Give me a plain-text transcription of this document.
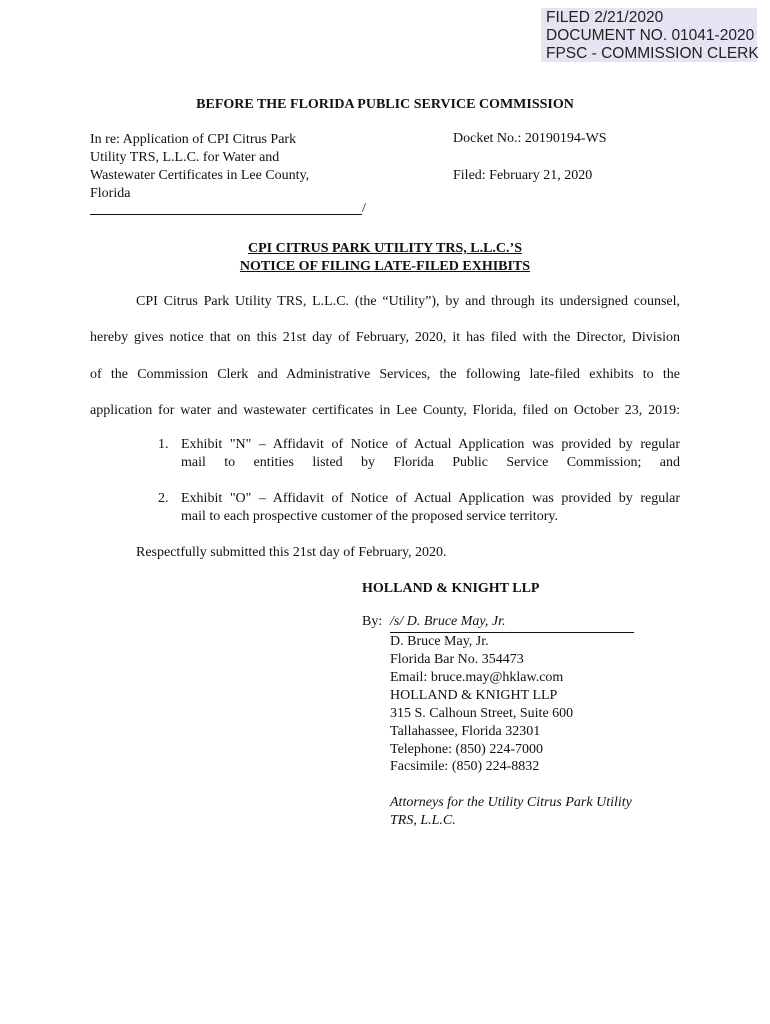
FILED 2/21/2020
DOCUMENT NO. 01041-2020
FPSC - COMMISSION CLERK
BEFORE THE FLORIDA PUBLIC SERVICE COMMISSION
In re: Application of CPI Citrus Park
Utility TRS, L.L.C. for Water and
Wastewater Certificates in Lee County,
Florida
/
Docket No.: 20190194-WS
Filed: February 21, 2020
CPI CITRUS PARK UTILITY TRS, L.L.C.’S
NOTICE OF FILING LATE-FILED EXHIBITS
CPI Citrus Park Utility TRS, L.L.C. (the “Utility”), by and through its undersigned counsel,
hereby gives notice that on this 21st day of February, 2020, it has filed with the Director, Division
of the Commission Clerk and Administrative Services, the following late-filed exhibits to the
application for water and wastewater certificates in Lee County, Florida, filed on October 23, 2019:
1. Exhibit "N" – Affidavit of Notice of Actual Application was provided by regular
mail to entities listed by Florida Public Service Commission; and
2. Exhibit "O" – Affidavit of Notice of Actual Application was provided by regular
mail to each prospective customer of the proposed service territory.
Respectfully submitted this 21st day of February, 2020.
HOLLAND & KNIGHT LLP
By: /s/ D. Bruce May, Jr.
D. Bruce May, Jr.
Florida Bar No. 354473
Email: bruce.may@hklaw.com
HOLLAND & KNIGHT LLP
315 S. Calhoun Street, Suite 600
Tallahassee, Florida 32301
Telephone: (850) 224-7000
Facsimile: (850) 224-8832
Attorneys for the Utility Citrus Park Utility
TRS, L.L.C.
